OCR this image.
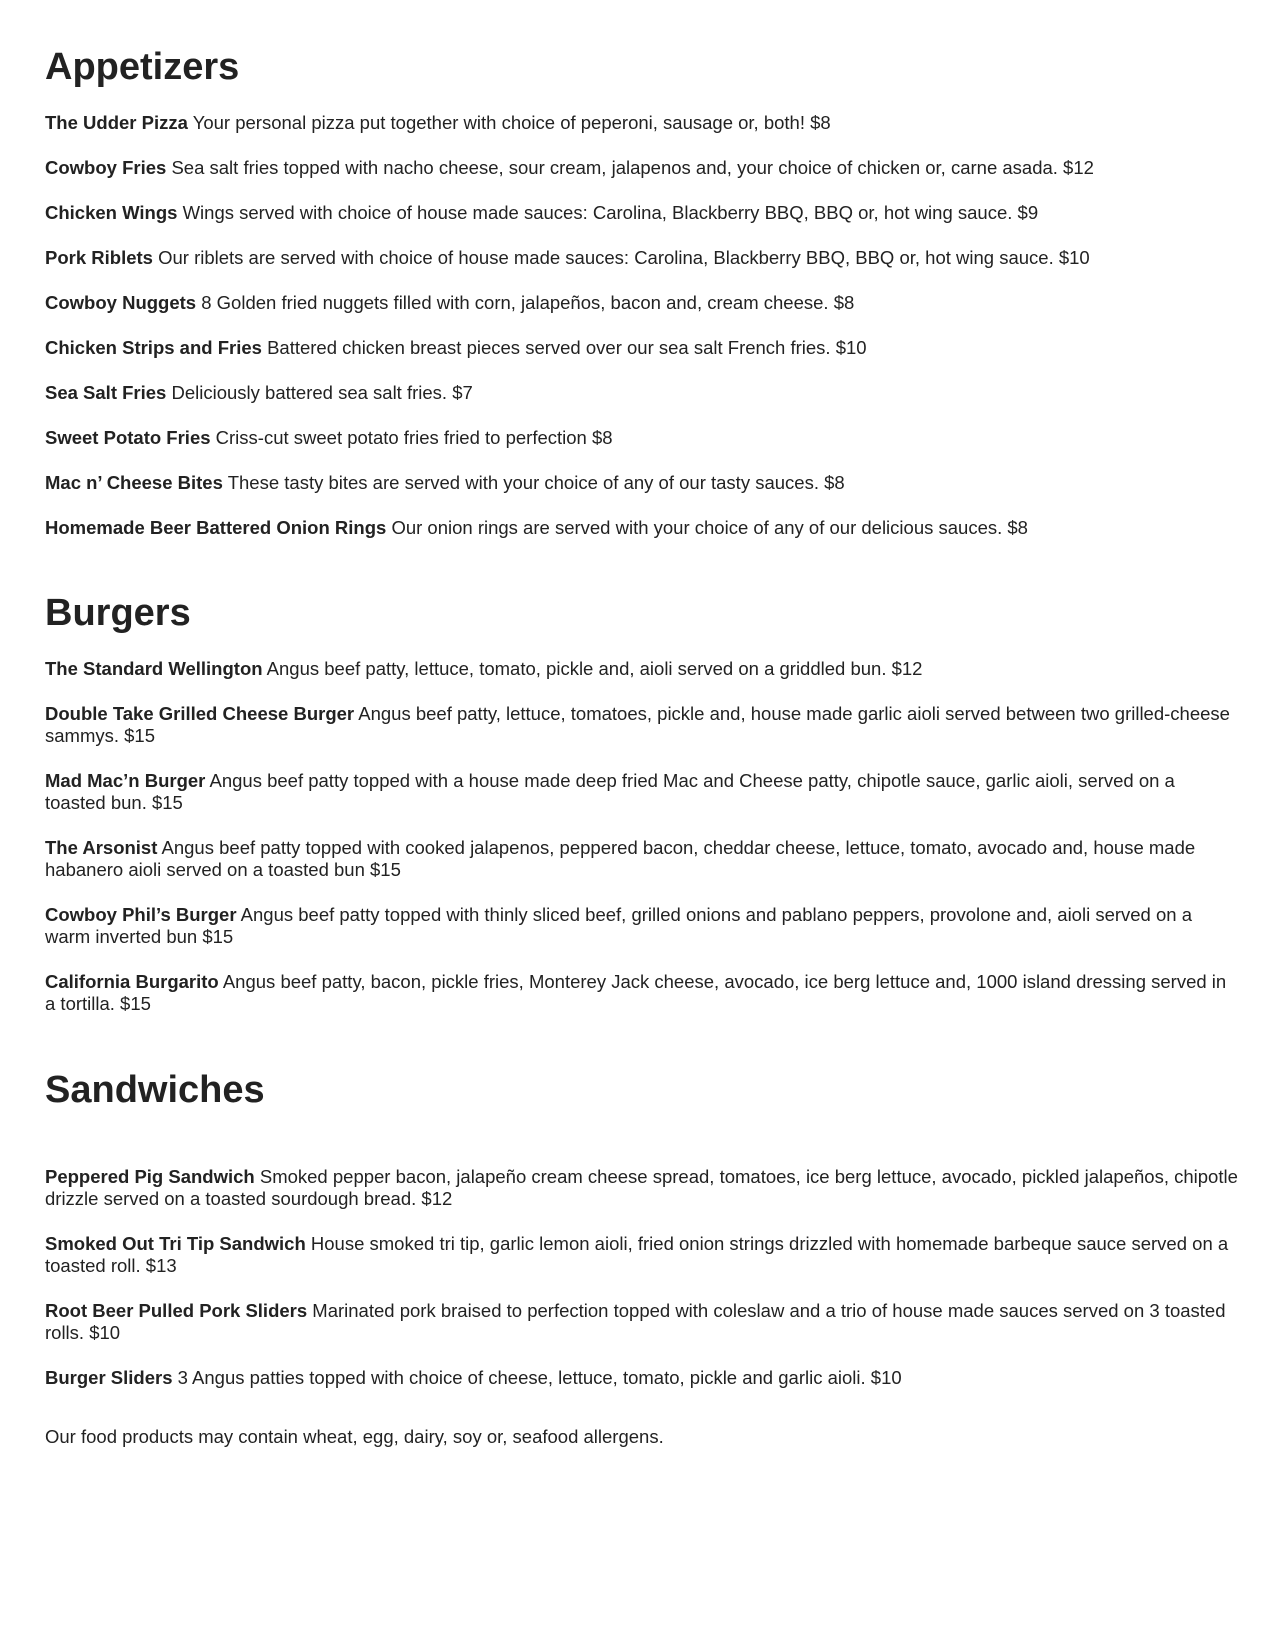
Appetizers

The Udder Pizza Your personal pizza put together with choice of peperoni, sausage or, both! $8

Cowboy Fries Sea salt fries topped with nacho cheese, sour cream, jalapenos and, your choice of chicken or, carne asada. $12

Chicken Wings Wings served with choice of house made sauces: Carolina, Blackberry BBQ, BBQ or, hot wing sauce. $9

Pork Riblets Our riblets are served with choice of house made sauces: Carolina, Blackberry BBQ, BBQ or, hot wing sauce. $10

Cowboy Nuggets 8 Golden fried nuggets filled with corn, jalapeños, bacon and, cream cheese. $8

Chicken Strips and Fries Battered chicken breast pieces served over our sea salt French fries. $10

Sea Salt Fries Deliciously battered sea salt fries. $7

Sweet Potato Fries Criss-cut sweet potato fries fried to perfection $8

Mac n’ Cheese Bites These tasty bites are served with your choice of any of our tasty sauces. $8

Homemade Beer Battered Onion Rings Our onion rings are served with your choice of any of our delicious sauces. $8

Burgers

The Standard Wellington Angus beef patty, lettuce, tomato, pickle and, aioli served on a griddled bun. $12

Double Take Grilled Cheese Burger Angus beef patty, lettuce, tomatoes, pickle and, house made garlic aioli served between two grilled-cheese sammys. $15

Mad Mac’n Burger Angus beef patty topped with a house made deep fried Mac and Cheese patty, chipotle sauce, garlic aioli, served on a toasted bun. $15

The Arsonist Angus beef patty topped with cooked jalapenos, peppered bacon, cheddar cheese, lettuce, tomato, avocado and, house made habanero aioli served on a toasted bun $15

Cowboy Phil’s Burger Angus beef patty topped with thinly sliced beef, grilled onions and pablano peppers, provolone and, aioli served on a warm inverted bun $15

California Burgarito Angus beef patty, bacon, pickle fries, Monterey Jack cheese, avocado, ice berg lettuce and, 1000 island dressing served in a tortilla. $15

Sandwiches

Peppered Pig Sandwich Smoked pepper bacon, jalapeño cream cheese spread, tomatoes, ice berg lettuce, avocado, pickled jalapeños, chipotle drizzle served on a toasted sourdough bread. $12

Smoked Out Tri Tip Sandwich House smoked tri tip, garlic lemon aioli, fried onion strings drizzled with homemade barbeque sauce served on a toasted roll. $13

Root Beer Pulled Pork Sliders Marinated pork braised to perfection topped with coleslaw and a trio of house made sauces served on 3 toasted rolls. $10

Burger Sliders 3 Angus patties topped with choice of cheese, lettuce, tomato, pickle and garlic aioli. $10

Our food products may contain wheat, egg, dairy, soy or, seafood allergens.
